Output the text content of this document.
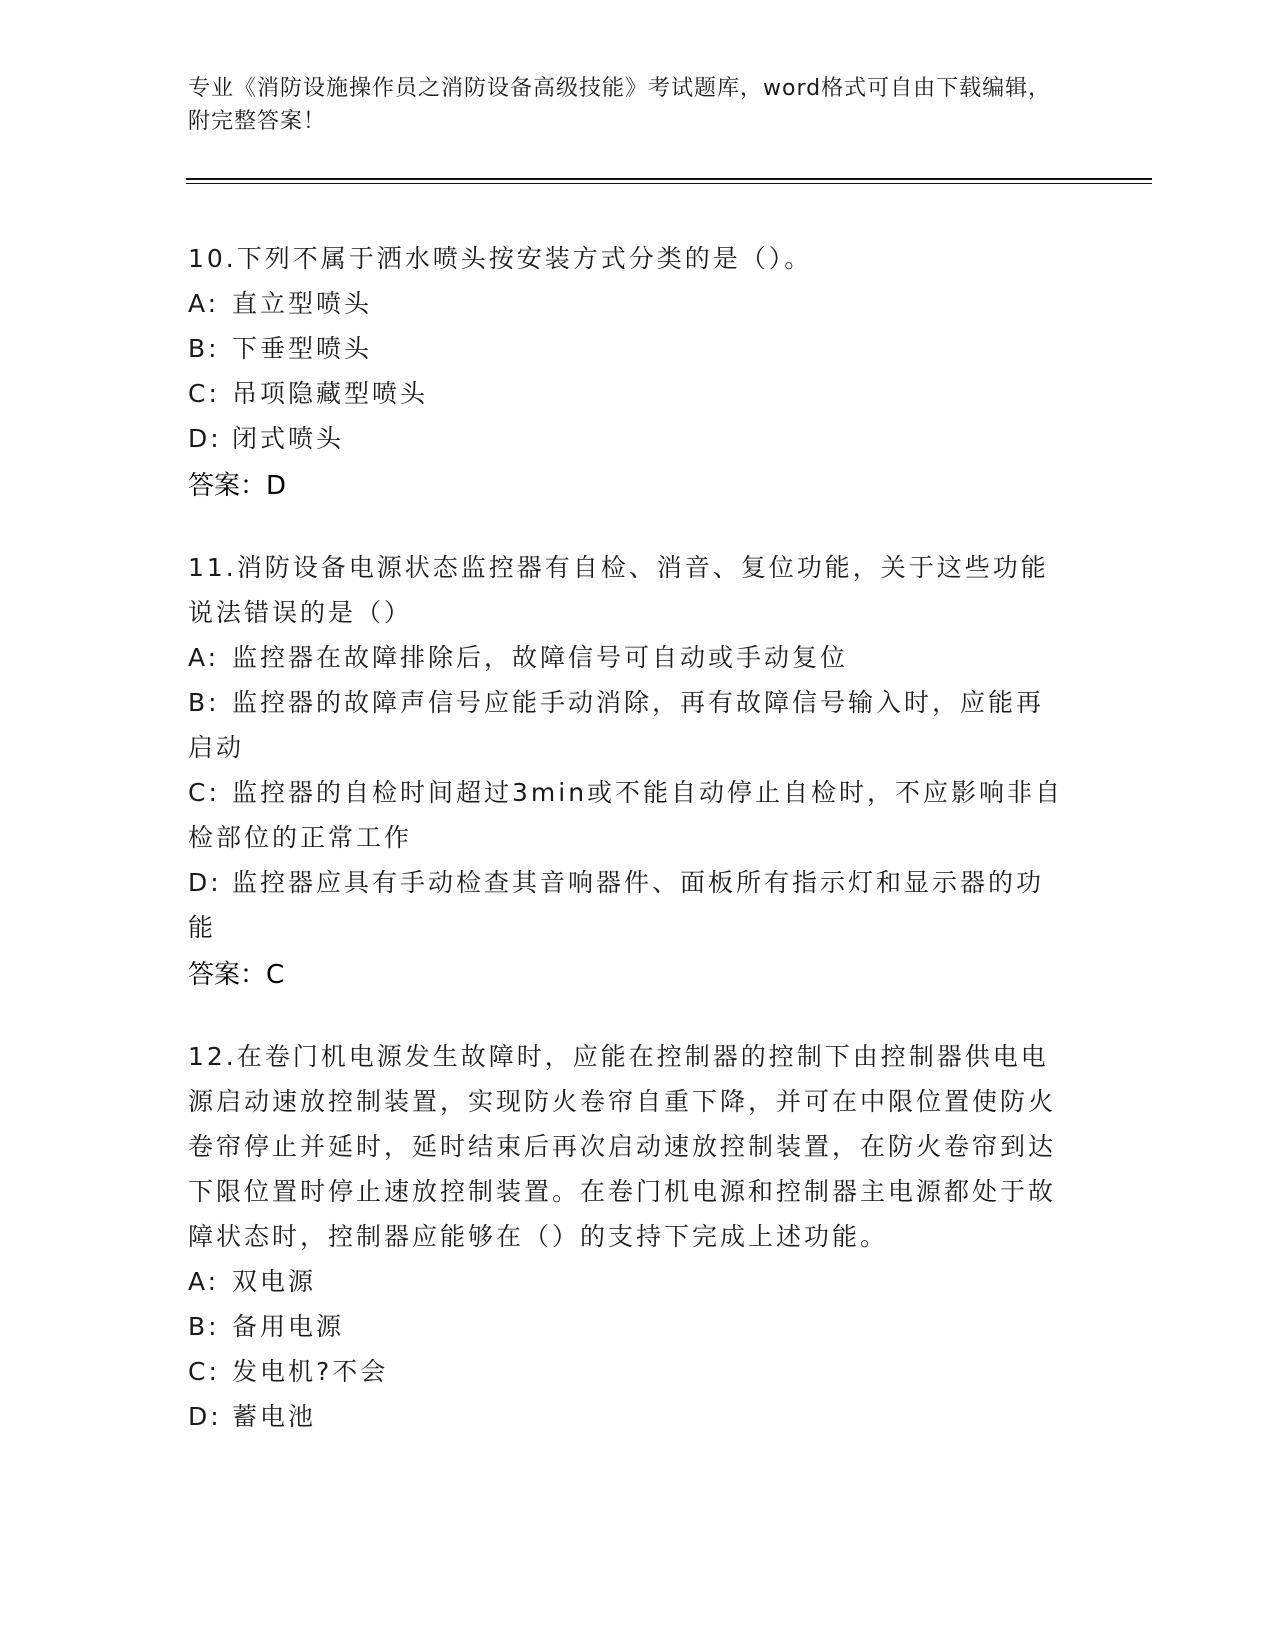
专业《消防设施操作员之消防设备高级技能》考试题库，word格式可自由下载编辑，附完整答案！

10.下列不属于洒水喷头按安装方式分类的是（）。

A: 直立型喷头

B: 下垂型喷头

C: 吊项隐藏型喷头

D: 闭式喷头

答案：D

11.消防设备电源状态监控器有自检、消音、复位功能，关于这些功能说法错误的是（）

A: 监控器在故障排除后，故障信号可自动或手动复位

B: 监控器的故障声信号应能手动消除，再有故障信号输入时，应能再启动

C: 监控器的自检时间超过3min或不能自动停止自检时，不应影响非自检部位的正常工作

D: 监控器应具有手动检查其音响器件、面板所有指示灯和显示器的功能

答案：C

12.在卷门机电源发生故障时，应能在控制器的控制下由控制器供电电源启动速放控制装置，实现防火卷帘自重下降，并可在中限位置使防火卷帘停止并延时，延时结束后再次启动速放控制装置，在防火卷帘到达下限位置时停止速放控制装置。在卷门机电源和控制器主电源都处于故障状态时，控制器应能够在（）的支持下完成上述功能。

A: 双电源

B: 备用电源

C: 发电机?不会

D: 蓄电池
